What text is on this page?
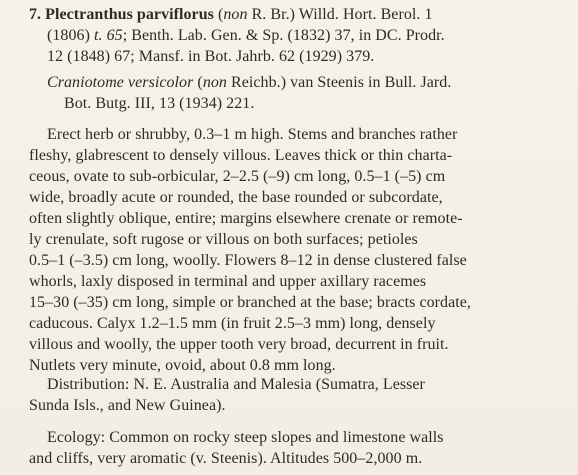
7. Plectranthus parviflorus (non R. Br.) Willd. Hort. Berol. 1
(1806) t. 65; Benth. Lab. Gen. & Sp. (1832) 37, in DC. Prodr.
12 (1848) 67; Mansf. in Bot. Jahrb. 62 (1929) 379.
Craniotome versicolor (non Reichb.) van Steenis in Bull. Jard.
Bot. Butg. III, 13 (1934) 221.
Erect herb or shrubby, 0.3–1 m high. Stems and branches rather
fleshy, glabrescent to densely villous. Leaves thick or thin charta-
ceous, ovate to sub-orbicular, 2–2.5 (–9) cm long, 0.5–1 (–5) cm
wide, broadly acute or rounded, the base rounded or subcordate,
often slightly oblique, entire; margins elsewhere crenate or remote-
ly crenulate, soft rugose or villous on both surfaces; petioles
0.5–1 (–3.5) cm long, woolly. Flowers 8–12 in dense clustered false
whorls, laxly disposed in terminal and upper axillary racemes
15–30 (–35) cm long, simple or branched at the base; bracts cordate,
caducous. Calyx 1.2–1.5 mm (in fruit 2.5–3 mm) long, densely
villous and woolly, the upper tooth very broad, decurrent in fruit.
Nutlets very minute, ovoid, about 0.8 mm long.
Distribution: N. E. Australia and Malesia (Sumatra, Lesser
Sunda Isls., and New Guinea).
Ecology: Common on rocky steep slopes and limestone walls
and cliffs, very aromatic (v. Steenis). Altitudes 500–2,000 m.
